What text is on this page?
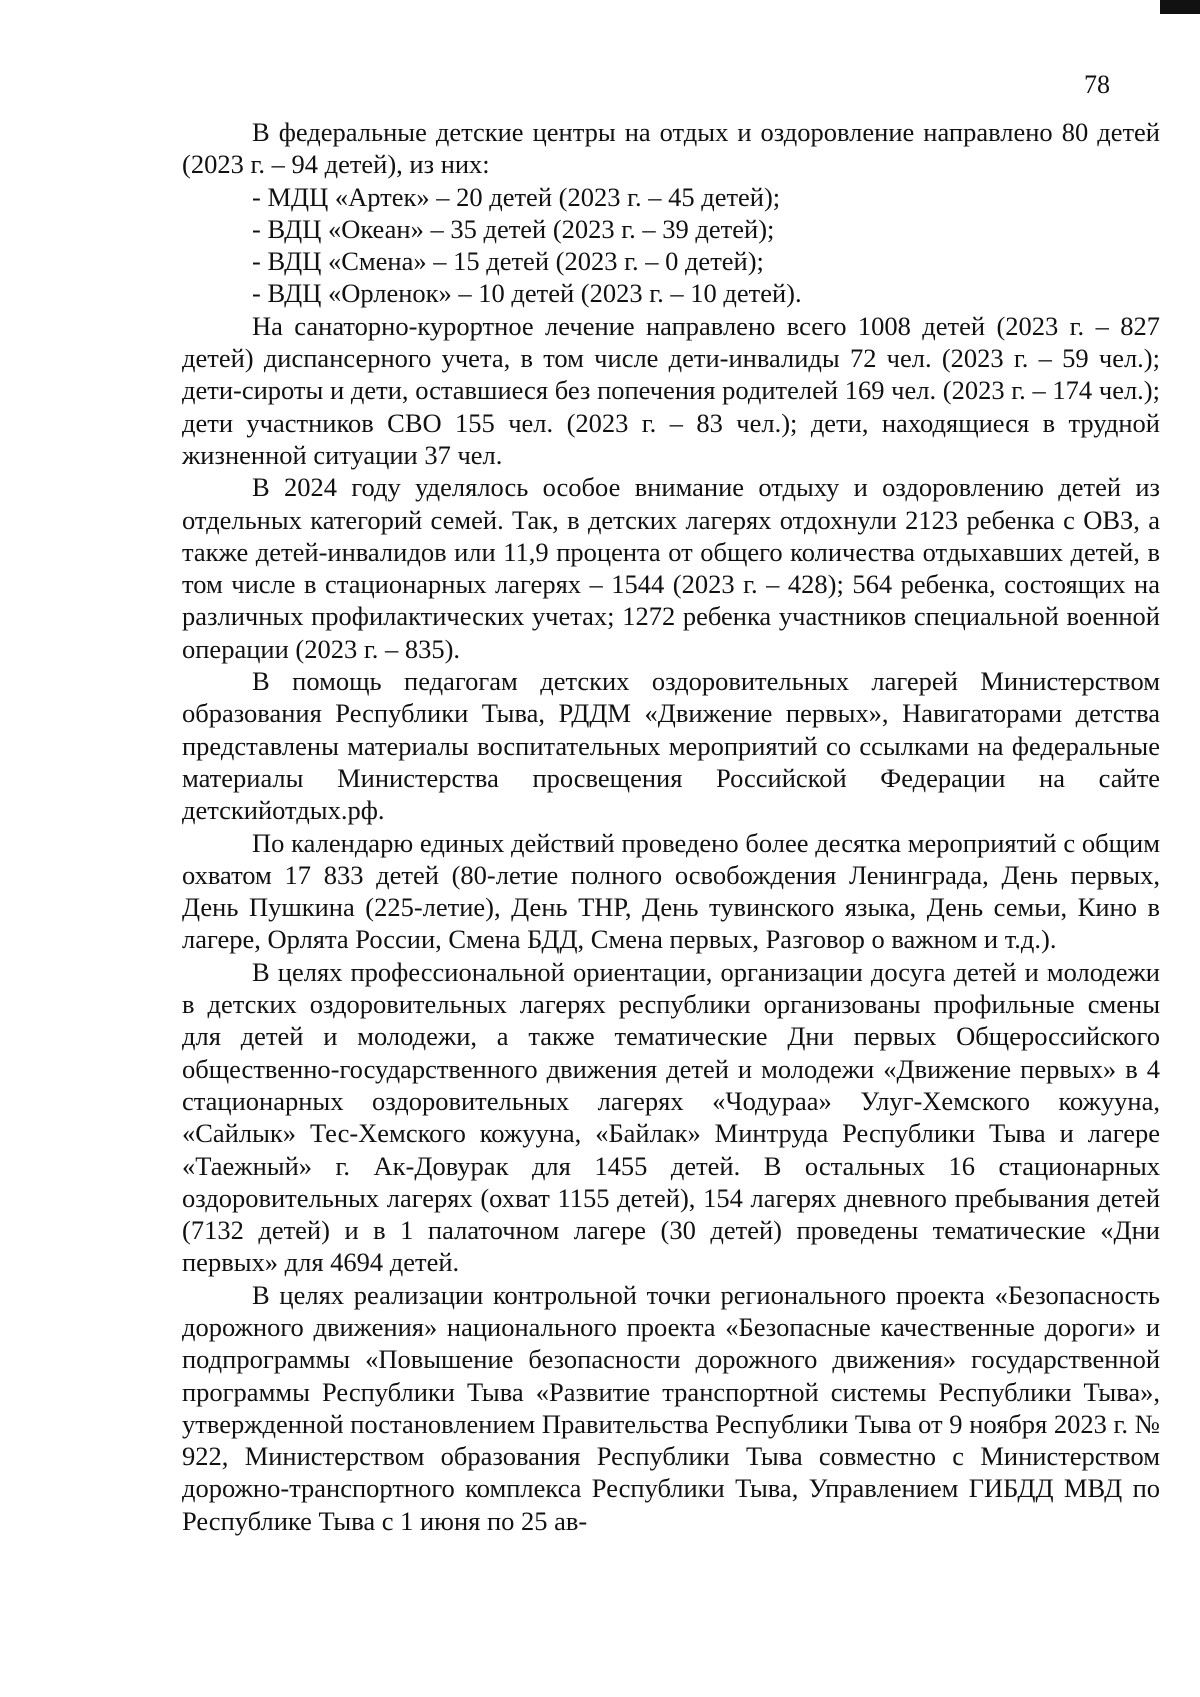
78

В федеральные детские центры на отдых и оздоровление направлено 80 детей (2023 г. – 94 детей), из них:

- МДЦ «Артек» – 20 детей (2023 г. – 45 детей);

- ВДЦ «Океан» – 35 детей (2023 г. – 39 детей);

- ВДЦ «Смена» – 15 детей (2023 г. – 0 детей);

- ВДЦ «Орленок» – 10 детей (2023 г. – 10 детей).

На санаторно-курортное лечение направлено всего 1008 детей (2023 г. – 827 детей) диспансерного учета, в том числе дети-инвалиды 72 чел. (2023 г. – 59 чел.); дети-сироты и дети, оставшиеся без попечения родителей 169 чел. (2023 г. – 174 чел.); дети участников СВО 155 чел. (2023 г. – 83 чел.); дети, находящиеся в трудной жизненной ситуации 37 чел.

В 2024 году уделялось особое внимание отдыху и оздоровлению детей из отдельных категорий семей. Так, в детских лагерях отдохнули 2123 ребенка с ОВЗ, а также детей-инвалидов или 11,9 процента от общего количества отдыхавших детей, в том числе в стационарных лагерях – 1544 (2023 г. – 428); 564 ребенка, состоящих на различных профилактических учетах; 1272 ребенка участников специальной военной операции (2023 г. – 835).

В помощь педагогам детских оздоровительных лагерей Министерством образования Республики Тыва, РДДМ «Движение первых», Навигаторами детства представлены материалы воспитательных мероприятий со ссылками на федеральные материалы Министерства просвещения Российской Федерации на сайте детскийотдых.рф.

По календарю единых действий проведено более десятка мероприятий с общим охватом 17 833 детей (80-летие полного освобождения Ленинграда, День первых, День Пушкина (225-летие), День ТНР, День тувинского языка, День семьи, Кино в лагере, Орлята России, Смена БДД, Смена первых, Разговор о важном и т.д.).

В целях профессиональной ориентации, организации досуга детей и молодежи в детских оздоровительных лагерях республики организованы профильные смены для детей и молодежи, а также тематические Дни первых Общероссийского общественно-государственного движения детей и молодежи «Движение первых» в 4 стационарных оздоровительных лагерях «Чодураа» Улуг-Хемского кожууна, «Сайлык» Тес-Хемского кожууна, «Байлак» Минтруда Республики Тыва и лагере «Таежный» г. Ак-Довурак для 1455 детей. В остальных 16 стационарных оздоровительных лагерях (охват 1155 детей), 154 лагерях дневного пребывания детей (7132 детей) и в 1 палаточном лагере (30 детей) проведены тематические «Дни первых» для 4694 детей.

В целях реализации контрольной точки регионального проекта «Безопасность дорожного движения» национального проекта «Безопасные качественные дороги» и подпрограммы «Повышение безопасности дорожного движения» государственной программы Республики Тыва «Развитие транспортной системы Республики Тыва», утвержденной постановлением Правительства Республики Тыва от 9 ноября 2023 г. № 922, Министерством образования Республики Тыва совместно с Министерством дорожно-транспортного комплекса Республики Тыва, Управлением ГИБДД МВД по Республике Тыва с 1 июня по 25 ав-
